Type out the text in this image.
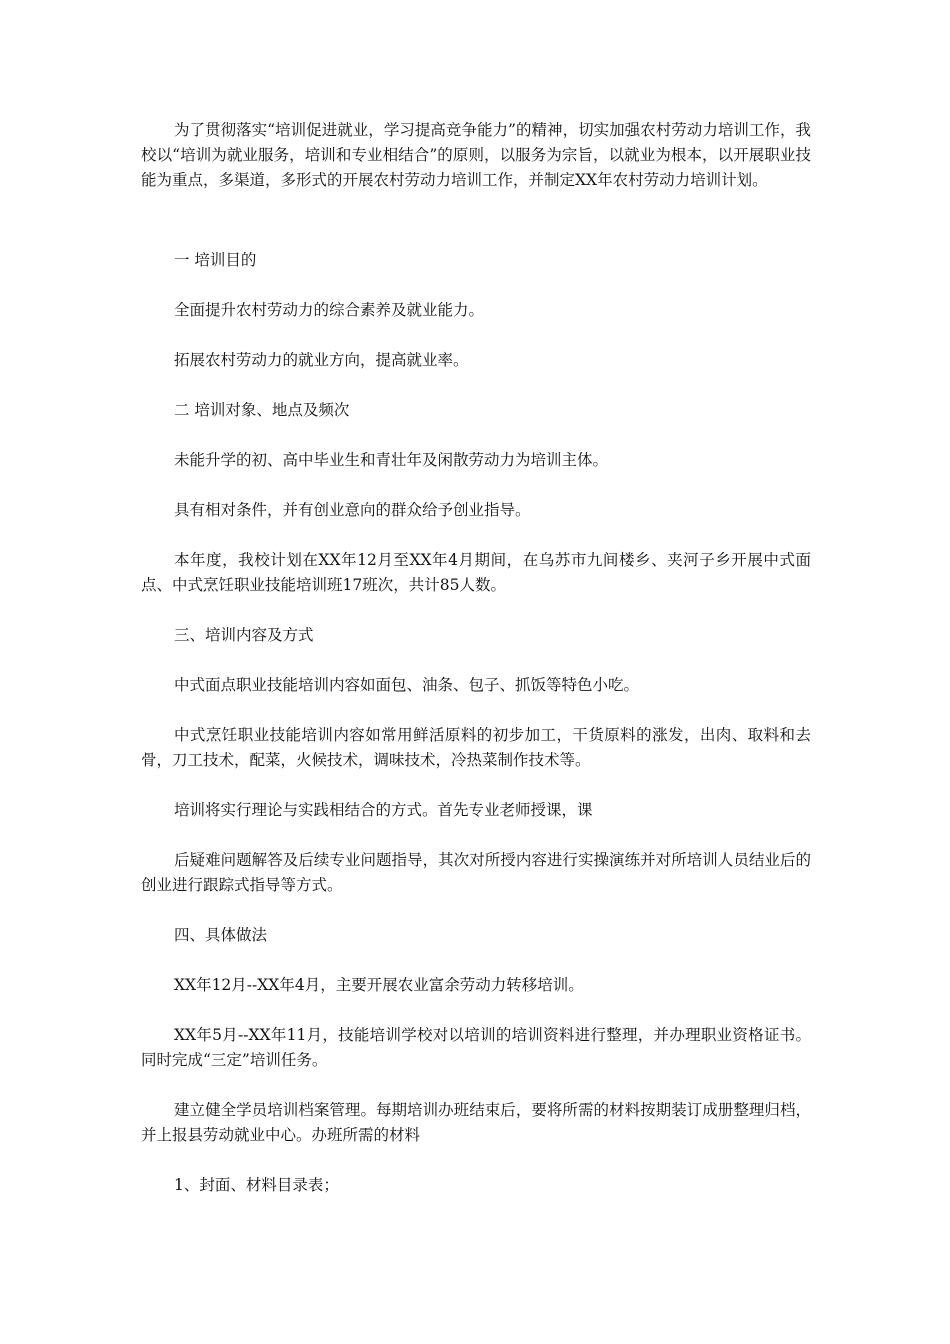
为了贯彻落实“培训促进就业，学习提高竞争能力”的精神，切实加强农村劳动力培训工作，我校以“培训为就业服务，培训和专业相结合”的原则，以服务为宗旨，以就业为根本，以开展职业技能为重点，多渠道，多形式的开展农村劳动力培训工作，并制定XX年农村劳动力培训计划。

一 培训目的

全面提升农村劳动力的综合素养及就业能力。

拓展农村劳动力的就业方向，提高就业率。

二 培训对象、地点及频次

未能升学的初、高中毕业生和青壮年及闲散劳动力为培训主体。

具有相对条件，并有创业意向的群众给予创业指导。

本年度，我校计划在XX年12月至XX年4月期间，在乌苏市九间楼乡、夹河子乡开展中式面点、中式烹饪职业技能培训班17班次，共计85人数。

三、培训内容及方式

中式面点职业技能培训内容如面包、油条、包子、抓饭等特色小吃。

中式烹饪职业技能培训内容如常用鲜活原料的初步加工，干货原料的涨发，出肉、取料和去骨，刀工技术，配菜，火候技术，调味技术，冷热菜制作技术等。

培训将实行理论与实践相结合的方式。首先专业老师授课，课

后疑难问题解答及后续专业问题指导，其次对所授内容进行实操演练并对所培训人员结业后的创业进行跟踪式指导等方式。

四、具体做法

XX年12月--XX年4月，主要开展农业富余劳动力转移培训。

XX年5月--XX年11月，技能培训学校对以培训的培训资料进行整理，并办理职业资格证书。同时完成“三定”培训任务。

建立健全学员培训档案管理。每期培训办班结束后，要将所需的材料按期装订成册整理归档，并上报县劳动就业中心。办班所需的材料

1、封面、材料目录表；
